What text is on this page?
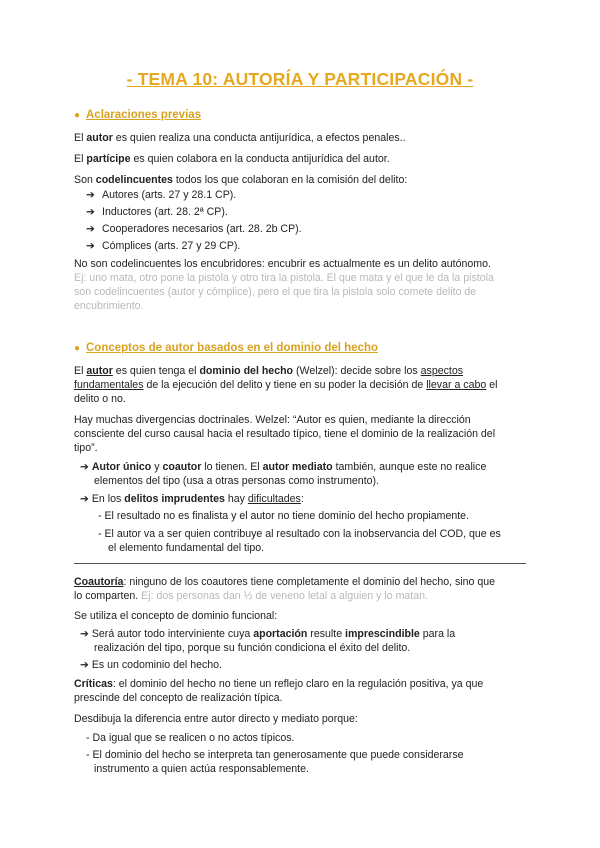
- TEMA 10: AUTORÍA Y PARTICIPACIÓN -
● Aclaraciones previas
El autor es quien realiza una conducta antijurídica, a efectos penales..
El partícipe es quien colabora en la conducta antijurídica del autor.
Son codelincuentes todos los que colaboran en la comisión del delito:
➔ Autores (arts. 27 y 28.1 CP).
➔ Inductores (art. 28. 2ª CP).
➔ Cooperadores necesarios (art. 28. 2b CP).
➔ Cómplices (arts. 27 y 29 CP).
No son codelincuentes los encubridores: encubrir es actualmente es un delito autónomo.
Ej: uno mata, otro pone la pistola y otro tira la pistola. El que mata y el que le da la pistola
son codelincuentes (autor y cómplice), pero el que tira la pistola solo comete delito de
encubrimiento.
● Conceptos de autor basados en el dominio del hecho
El autor es quien tenga el dominio del hecho (Welzel): decide sobre los aspectos
fundamentales de la ejecución del delito y tiene en su poder la decisión de llevar a cabo el
delito o no.
Hay muchas divergencias doctrinales. Welzel: “Autor es quien, mediante la dirección
consciente del curso causal hacia el resultado típico, tiene el dominio de la realización del
tipo”.
➔ Autor único y coautor lo tienen. El autor mediato también, aunque este no realice
elementos del tipo (usa a otras personas como instrumento).
➔ En los delitos imprudentes hay dificultades:
- El resultado no es finalista y el autor no tiene dominio del hecho propiamente.
- El autor va a ser quien contribuye al resultado con la inobservancia del COD, que es
el elemento fundamental del tipo.
Coautoría: ninguno de los coautores tiene completamente el dominio del hecho, sino que
lo comparten. Ej: dos personas dan ½ de veneno letal a alguien y lo matan.
Se utiliza el concepto de dominio funcional:
➔ Será autor todo interviniente cuya aportación resulte imprescindible para la
realización del tipo, porque su función condiciona el éxito del delito.
➔ Es un codominio del hecho.
Críticas: el dominio del hecho no tiene un reflejo claro en la regulación positiva, ya que
prescinde del concepto de realización típica.
Desdibuja la diferencia entre autor directo y mediato porque:
- Da igual que se realicen o no actos típicos.
- El dominio del hecho se interpreta tan generosamente que puede considerarse
instrumento a quien actúa responsablemente.
